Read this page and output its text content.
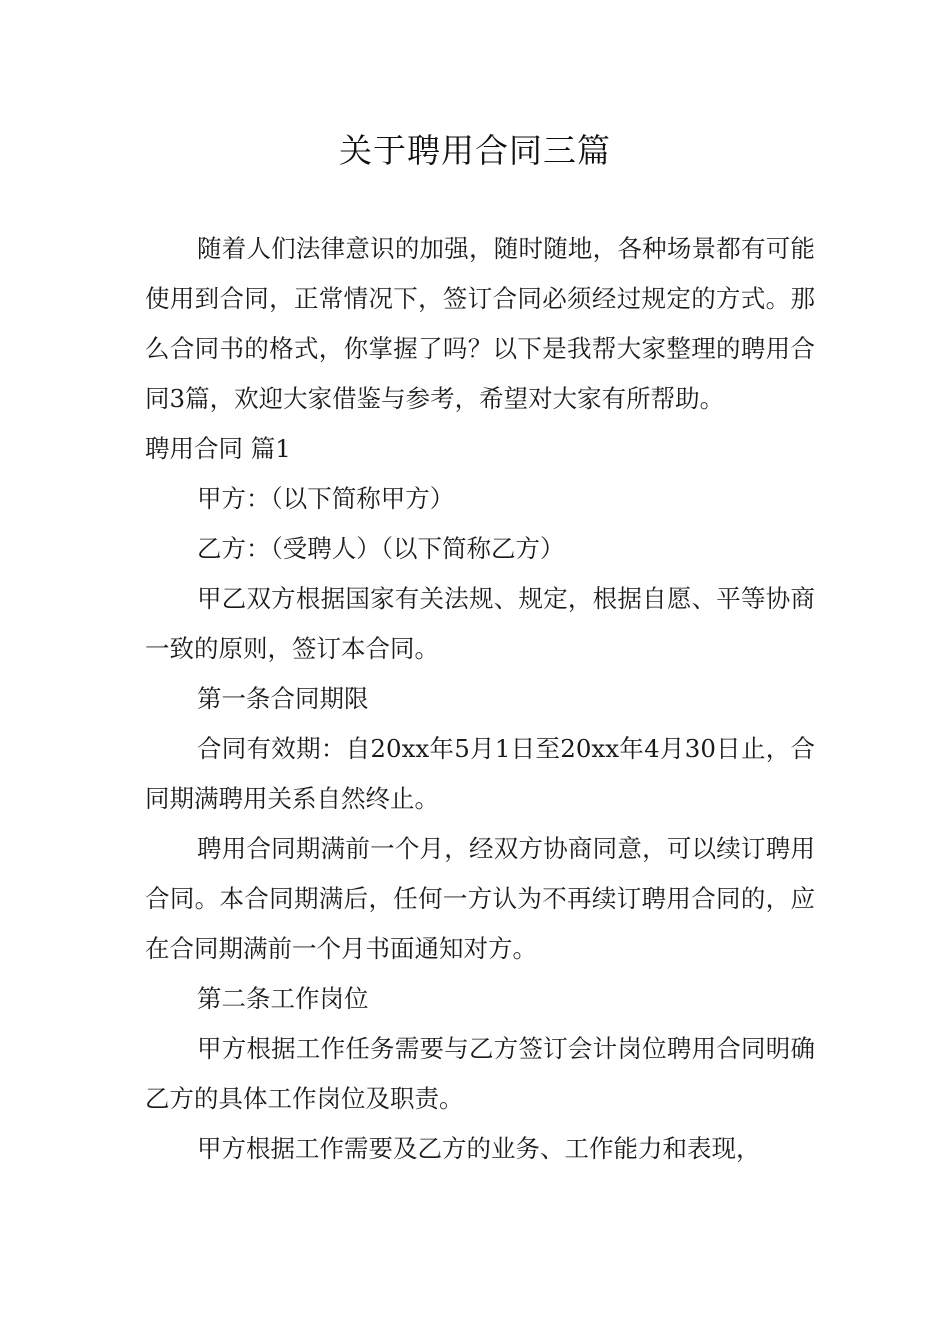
关于聘用合同三篇

随着人们法律意识的加强，随时随地，各种场景都有可能使用到合同，正常情况下，签订合同必须经过规定的方式。那么合同书的格式，你掌握了吗？以下是我帮大家整理的聘用合同3篇，欢迎大家借鉴与参考，希望对大家有所帮助。

聘用合同 篇1

甲方：（以下简称甲方）

乙方：（受聘人）（以下简称乙方）

甲乙双方根据国家有关法规、规定，根据自愿、平等协商一致的原则，签订本合同。

第一条合同期限

合同有效期：自20xx年5月1日至20xx年4月30日止，合同期满聘用关系自然终止。

聘用合同期满前一个月，经双方协商同意，可以续订聘用合同。本合同期满后，任何一方认为不再续订聘用合同的，应在合同期满前一个月书面通知对方。

第二条工作岗位

甲方根据工作任务需要与乙方签订会计岗位聘用合同明确乙方的具体工作岗位及职责。

甲方根据工作需要及乙方的业务、工作能力和表现，
